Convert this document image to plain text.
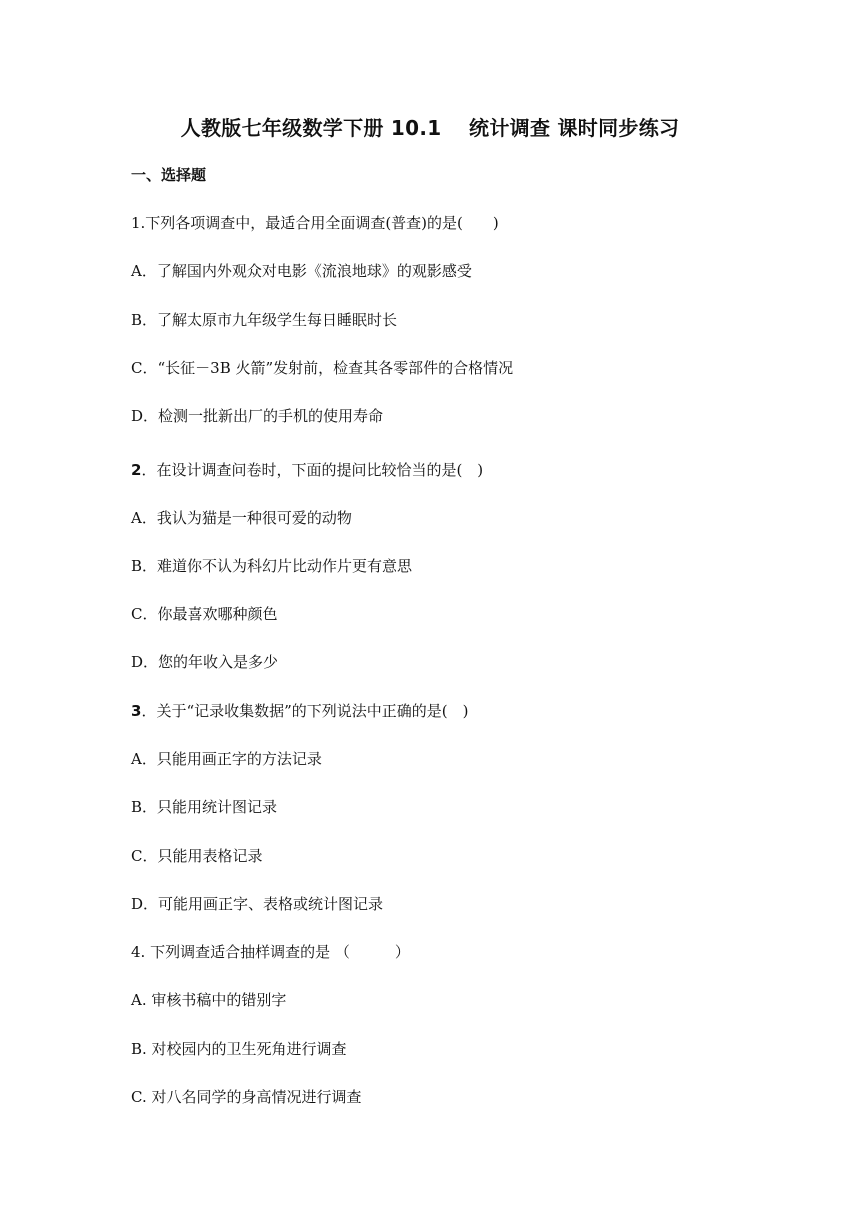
人教版七年级数学下册 10.1　 统计调查 课时同步练习
一、选择题
1.下列各项调查中，最适合用全面调查(普查)的是(　　)
A．了解国内外观众对电影《流浪地球》的观影感受
B．了解太原市九年级学生每日睡眠时长
C．“长征－3B 火箭”发射前，检查其各零部件的合格情况
D．检测一批新出厂的手机的使用寿命
2．在设计调查问卷时，下面的提问比较恰当的是(　)
A．我认为猫是一种很可爱的动物
B．难道你不认为科幻片比动作片更有意思
C．你最喜欢哪种颜色
D．您的年收入是多少
3．关于“记录收集数据”的下列说法中正确的是(　)
A．只能用画正字的方法记录
B．只能用统计图记录
C．只能用表格记录
D．可能用画正字、表格或统计图记录
4. 下列调查适合抽样调查的是 （　　　）
A. 审核书稿中的错别字
B. 对校园内的卫生死角进行调查
C. 对八名同学的身高情况进行调查
